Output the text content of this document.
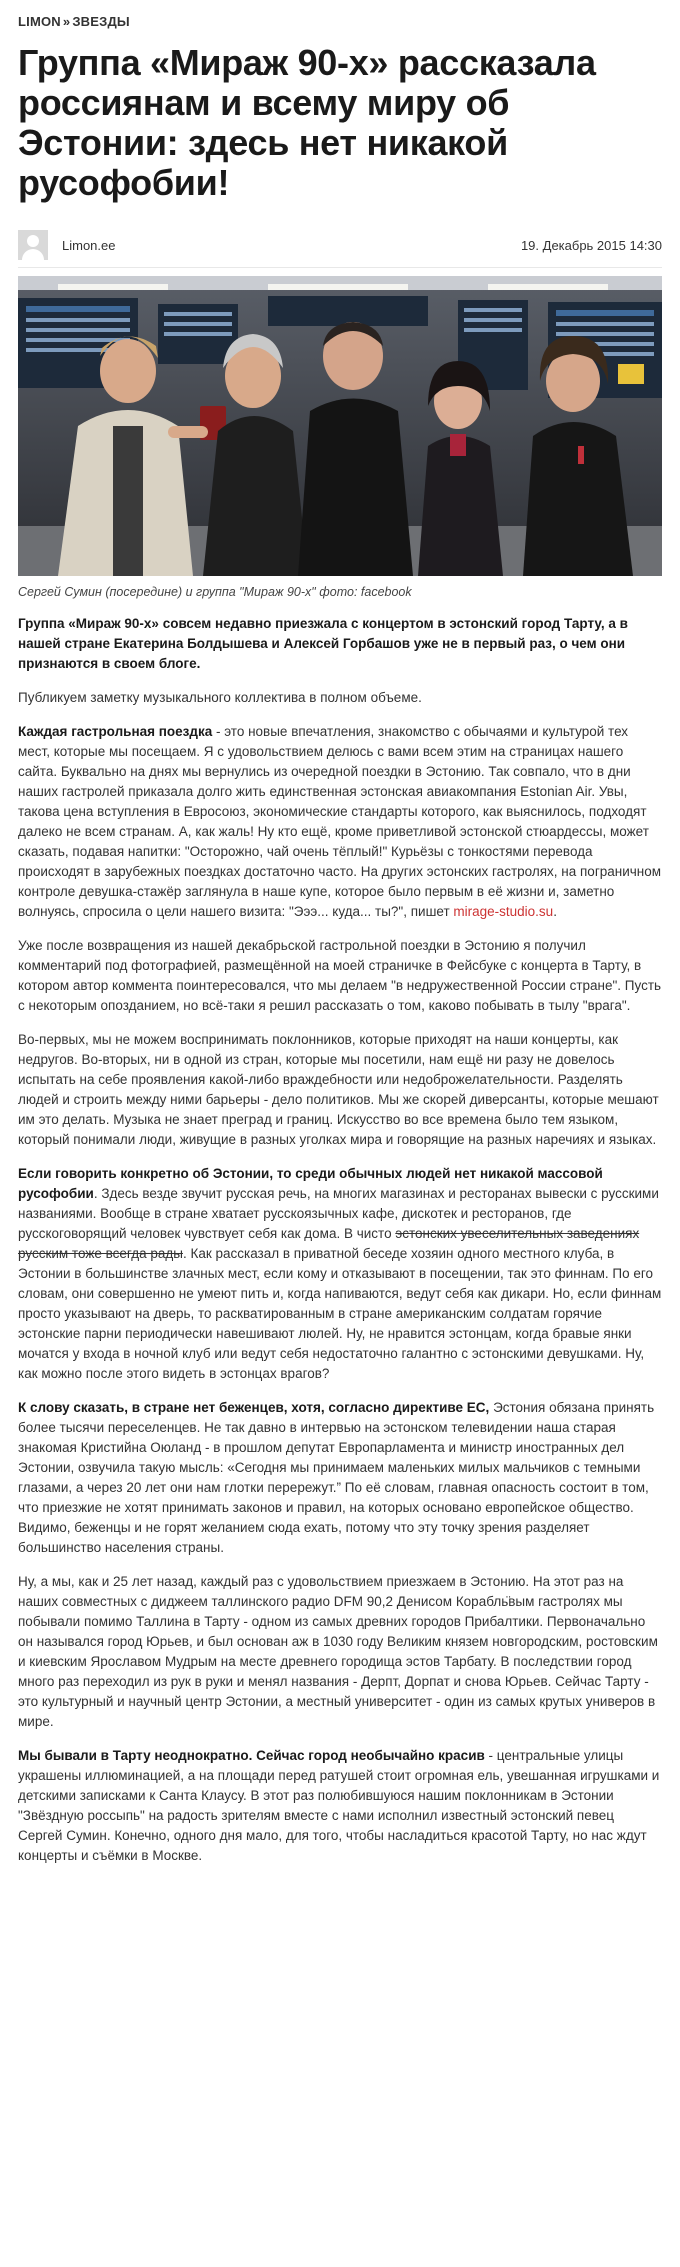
LIMON » ЗВЕЗДЫ
Группа «Мираж 90-х» рассказала россиянам и всему миру об Эстонии: здесь нет никакой русофобии!
Limon.ee	19. Декабрь 2015 14:30
Сергей Сумин (посередине) и группа "Мираж 90-х" фото: facebook
Группа «Мираж 90-х» совсем недавно приезжала с концертом в эстонский город Тарту, а в нашей стране Екатерина Болдышева и Алексей Горбашов уже не в первый раз, о чем они признаются в своем блоге.

Публикуем заметку музыкального коллектива в полном объеме.

Каждая гастрольная поездка - это новые впечатления, знакомство с обычаями и культурой тех мест, которые мы посещаем. Я с удовольствием делюсь с вами всем этим на страницах нашего сайта. Буквально на днях мы вернулись из очередной поездки в Эстонию. Так совпало, что в дни наших гастролей приказала долго жить единственная эстонская авиакомпания Estonian Air. Увы, такова цена вступления в Евросоюз, экономические стандарты которого, как выяснилось, подходят далеко не всем странам. А, как жаль! Ну кто ещё, кроме приветливой эстонской стюардессы, может сказать, подавая напитки: "Осторожно, чай очень тёплый!" Курьёзы с тонкостями перевода происходят в зарубежных поездках достаточно часто. На других эстонских гастролях, на пограничном контроле девушка-стажёр заглянула в наше купе, которое было первым в её жизни и, заметно волнуясь, спросила о цели нашего визита: "Эээ... куда... ты?", пишет mirage-studio.su.

Уже после возвращения из нашей декабрьской гастрольной поездки в Эстонию я получил комментарий под фотографией, размещённой на моей страничке в Фейсбуке с концерта в Тарту, в котором автор коммента поинтересовался, что мы делаем "в недружественной России стране". Пусть с некоторым опозданием, но всё-таки я решил рассказать о том, каково побывать в тылу "врага".

Во-первых, мы не можем воспринимать поклонников, которые приходят на наши концерты, как недругов. Во-вторых, ни в одной из стран, которые мы посетили, нам ещё ни разу не довелось испытать на себе проявления какой-либо враждебности или недоброжелательности. Разделять людей и строить между ними барьеры - дело политиков. Мы же скорей диверсанты, которые мешают им это делать. Музыка не знает преград и границ. Искусство во все времена было тем языком, который понимали люди, живущие в разных уголках мира и говорящие на разных наречиях и языках.

Если говорить конкретно об Эстонии, то среди обычных людей нет никакой массовой русофобии. Здесь везде звучит русская речь, на многих магазинах и ресторанах вывески с русскими названиями. Вообще в стране хватает русскоязычных кафе, дискотек и ресторанов, где русскоговорящий человек чувствует себя как дома. В чисто эстонских увеселительных заведениях русским тоже всегда рады. Как рассказал в приватной беседе хозяин одного местного клуба, в Эстонии в большинстве злачных мест, если кому и отказывают в посещении, так это финнам. По его словам, они совершенно не умеют пить и, когда напиваются, ведут себя как дикари. Но, если финнам просто указывают на дверь, то раскватированным в стране американским солдатам горячие эстонские парни периодически навешивают люлей. Ну, не нравится эстонцам, когда бравые янки мочатся у входа в ночной клуб или ведут себя недостаточно галантно с эстонскими девушками. Ну, как можно после этого видеть в эстонцах врагов?

К слову сказать, в стране нет беженцев, хотя, согласно директиве ЕС, Эстония обязана принять более тысячи переселенцев. Не так давно в интервью на эстонском телевидении наша старая знакомая Кристийна Оюланд - в прошлом депутат Европарламента и министр иностранных дел Эстонии, озвучила такую мысль: «Сегодня мы принимаем маленьких милых мальчиков с темными глазами, а через 20 лет они нам глотки перережут.” По её словам, главная опасность состоит в том, что приезжие не хотят принимать законов и правил, на которых основано европейское общество. Видимо, беженцы и не горят желанием сюда ехать, потому что эту точку зрения разделяет большинство населения страны.

Ну, а мы, как и 25 лет назад, каждый раз с удовольствием приезжаем в Эстонию. На этот раз на наших совместных с диджеем таллинского радио DFM 90,2 Денисом Корабль̈вым гастролях мы побывали помимо Таллина в Тарту - одном из самых древних городов Прибалтики. Первоначально он назывался город Юрьев, и был основан аж в 1030 году Великим князем новгородским, ростовским и киевским Ярославом Мудрым на месте древнего городища эстов Тарбату. В последствии город много раз переходил из рук в руки и менял названия - Дерпт, Дорпат и снова Юрьев. Сейчас Тарту - это культурный и научный центр Эстонии, а местный университет - один из самых крутых универов в мире.

Мы бывали в Тарту неоднократно. Сейчас город необычайно красив - центральные улицы украшены иллюминацией, а на площади перед ратушей стоит огромная ель, увешанная игрушками и детскими записками к Санта Клаусу. В этот раз полюбившуюся нашим поклонникам в Эстонии "Звёздную россыпь" на радость зрителям вместе с нами исполнил известный эстонский певец Сергей Сумин. Конечно, одного дня мало, для того, чтобы насладиться красотой Тарту, но нас ждут концерты и съёмки в Москве.
